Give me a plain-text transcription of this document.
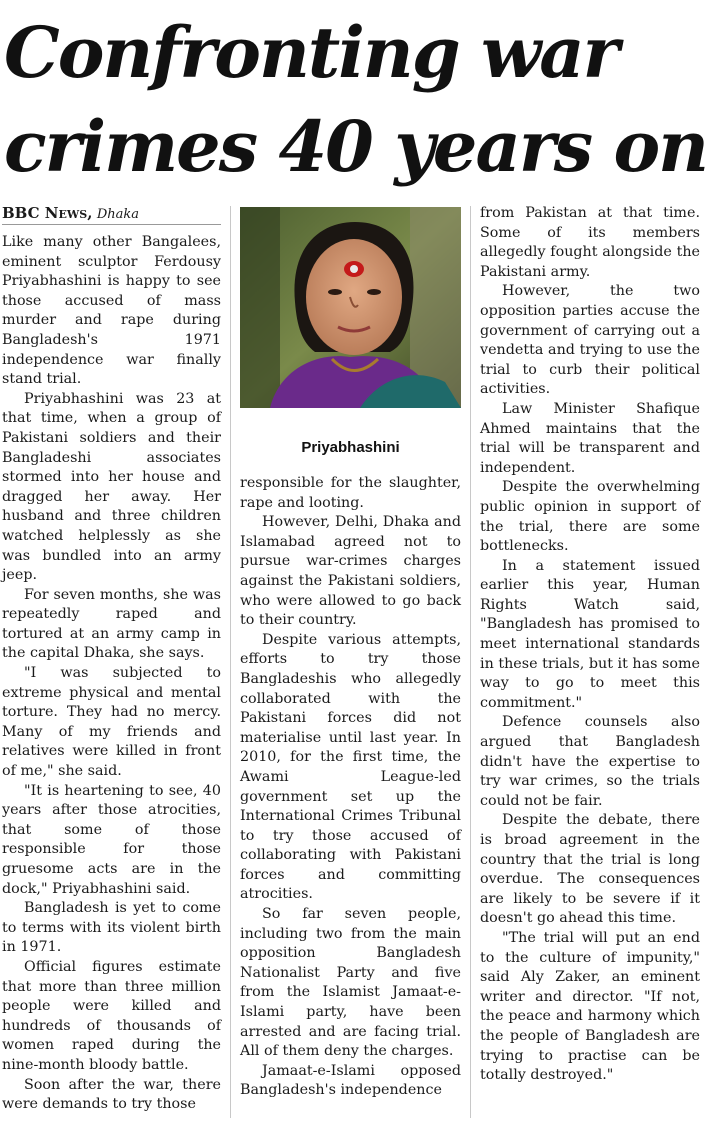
Confronting war crimes 40 years on
BBC News, Dhaka

Like many other Bangalees, eminent sculptor Ferdousy Priyabhashini is happy to see those accused of mass murder and rape during Bangladesh's 1971 independence war finally stand trial.

Priyabhashini was 23 at that time, when a group of Pakistani soldiers and their Bangladeshi associates stormed into her house and dragged her away. Her husband and three children watched helplessly as she was bundled into an army jeep.

For seven months, she was repeatedly raped and tortured at an army camp in the capital Dhaka, she says.

"I was subjected to extreme physical and mental torture. They had no mercy. Many of my friends and relatives were killed in front of me," she said.

"It is heartening to see, 40 years after those atrocities, that some of those responsible for those gruesome acts are in the dock," Priyabhashini said.

Bangladesh is yet to come to terms with its violent birth in 1971.

Official figures estimate that more than three million people were killed and hundreds of thousands of women raped during the nine-month bloody battle.

Soon after the war, there were demands to try those

Priyabhashini

responsible for the slaughter, rape and looting.

However, Delhi, Dhaka and Islamabad agreed not to pursue war-crimes charges against the Pakistani soldiers, who were allowed to go back to their country.

Despite various attempts, efforts to try those Bangladeshis who allegedly collaborated with the Pakistani forces did not materialise until last year. In 2010, for the first time, the Awami League-led government set up the International Crimes Tribunal to try those accused of collaborating with Pakistani forces and committing atrocities.

So far seven people, including two from the main opposition Bangladesh Nationalist Party and five from the Islamist Jamaat-e-Islami party, have been arrested and are facing trial. All of them deny the charges.

Jamaat-e-Islami opposed Bangladesh's independence

from Pakistan at that time. Some of its members allegedly fought alongside the Pakistani army.

However, the two opposition parties accuse the government of carrying out a vendetta and trying to use the trial to curb their political activities.

Law Minister Shafique Ahmed maintains that the trial will be transparent and independent.

Despite the overwhelming public opinion in support of the trial, there are some bottlenecks.

In a statement issued earlier this year, Human Rights Watch said, "Bangladesh has promised to meet international standards in these trials, but it has some way to go to meet this commitment."

Defence counsels also argued that Bangladesh didn't have the expertise to try war crimes, so the trials could not be fair.

Despite the debate, there is broad agreement in the country that the trial is long overdue. The consequences are likely to be severe if it doesn't go ahead this time.

"The trial will put an end to the culture of impunity," said Aly Zaker, an eminent writer and director. "If not, the peace and harmony which the people of Bangladesh are trying to practise can be totally destroyed."
